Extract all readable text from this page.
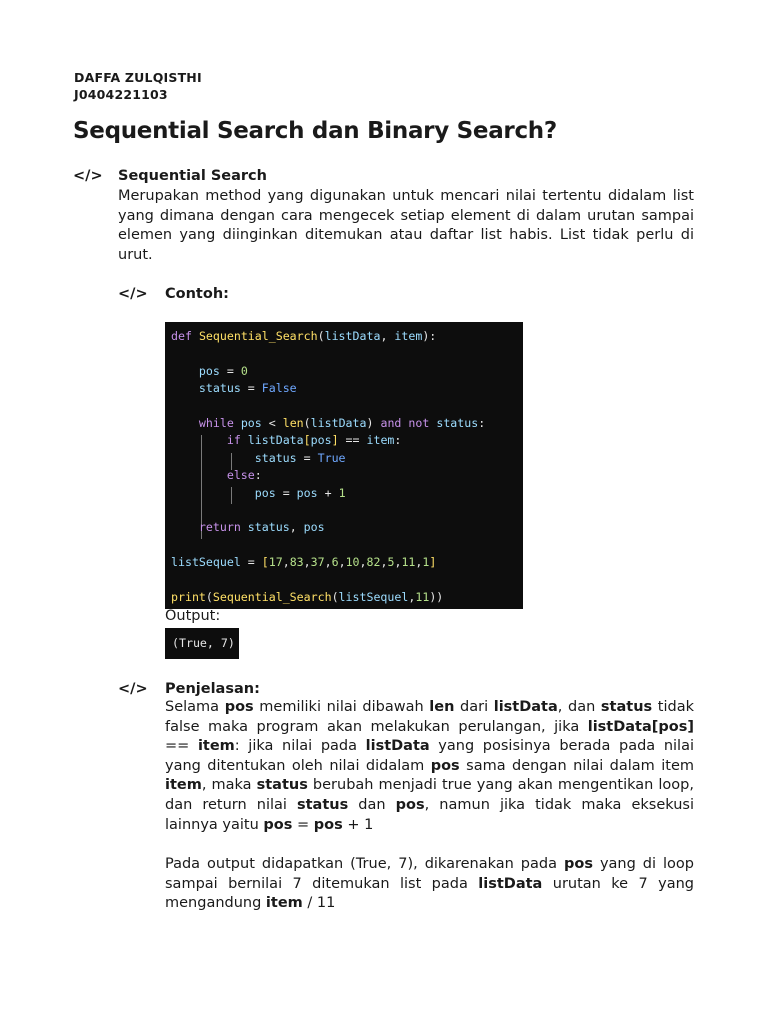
DAFFA ZULQISTHI
J0404221103
Sequential Search dan Binary Search?
</> Sequential Search
Merupakan method yang digunakan untuk mencari nilai tertentu didalam list yang dimana dengan cara mengecek setiap element di dalam urutan sampai elemen yang diinginkan ditemukan atau daftar list habis. List tidak perlu di urut.
</> Contoh:
def Sequential_Search(listData, item):

pos = 0
status = False

while pos < len(listData) and not status:
if listData[pos] == item:
status = True
else:
pos = pos + 1

return status, pos

listSequel = [17,83,37,6,10,82,5,11,1]

print(Sequential_Search(listSequel,11))
Output:
(True, 7)
</> Penjelasan:
Selama pos memiliki nilai dibawah len dari listData, dan status tidak false maka program akan melakukan perulangan, jika listData[pos] == item: jika nilai pada listData yang posisinya berada pada nilai yang ditentukan oleh nilai didalam pos sama dengan nilai dalam item item, maka status berubah menjadi true yang akan mengentikan loop, dan return nilai status dan pos, namun jika tidak maka eksekusi lainnya yaitu pos = pos + 1
Pada output didapatkan (True, 7), dikarenakan pada pos yang di loop sampai bernilai 7 ditemukan list pada listData urutan ke 7 yang mengandung item / 11
